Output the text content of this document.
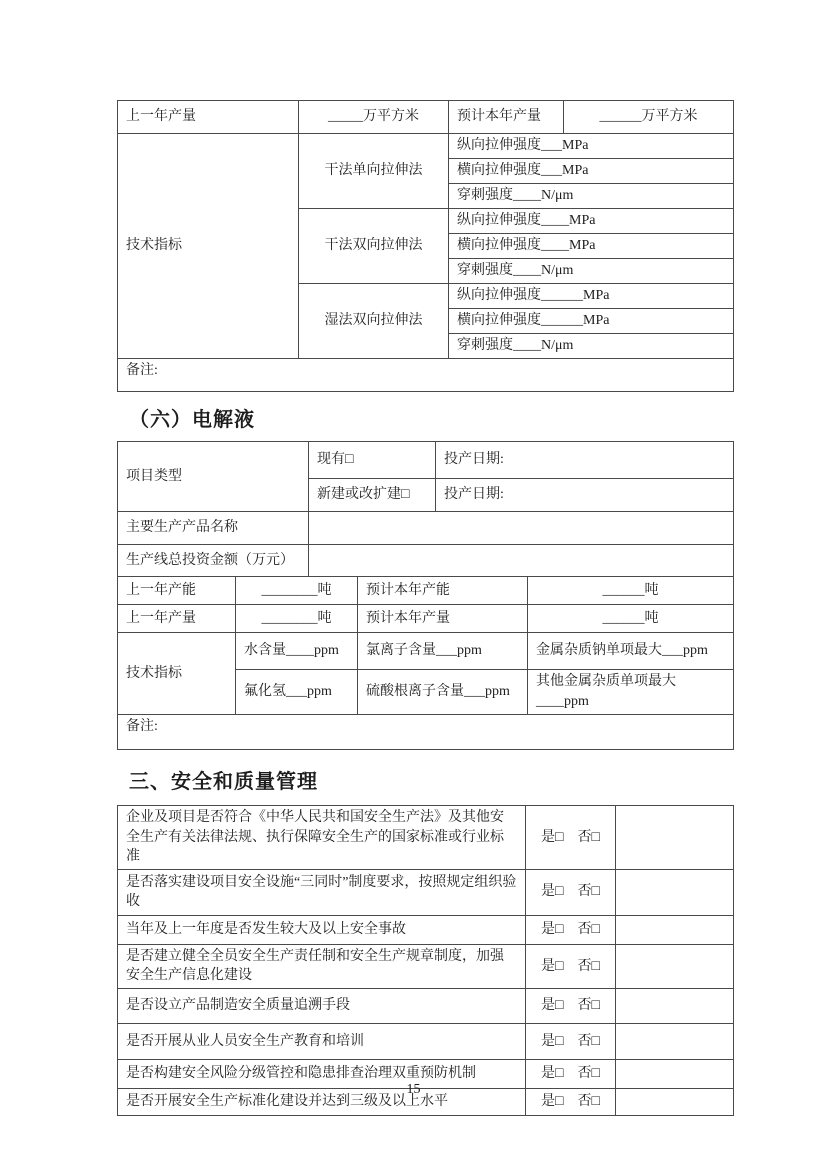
上一年产量	_____万平方米	预计本年产量	______万平方米
技术指标	干法单向拉伸法	纵向拉伸强度___MPa	
		横向拉伸强度___MPa	
		穿刺强度____N/μm	
	干法双向拉伸法	纵向拉伸强度____MPa	
		横向拉伸强度____MPa	
		穿刺强度____N/μm	
	湿法双向拉伸法	纵向拉伸强度______MPa	
		横向拉伸强度______MPa	
		穿刺强度____N/μm	
备注:			
（六）电解液
项目类型	现有□	投产日期:
	新建或改扩建□	投产日期:
主要生产产品名称		
生产线总投资金额（万元）		
上一年产能	________吨	预计本年产能	______吨
上一年产量	________吨	预计本年产量	______吨
技术指标	水含量____ppm	氯离子含量___ppm	金属杂质钠单项最大___ppm
	氟化氢___ppm	硫酸根离子含量___ppm	其他金属杂质单项最大____ppm
备注:			
三、安全和质量管理
企业及项目是否符合《中华人民共和国安全生产法》及其他安全生产有关法律法规、执行保障安全生产的国家标准或行业标准	是□　否□	
是否落实建设项目安全设施“三同时”制度要求，按照规定组织验收	是□　否□	
当年及上一年度是否发生较大及以上安全事故	是□　否□	
是否建立健全全员安全生产责任制和安全生产规章制度，加强安全生产信息化建设	是□　否□	
是否设立产品制造安全质量追溯手段	是□　否□	
是否开展从业人员安全生产教育和培训	是□　否□	
是否构建安全风险分级管控和隐患排查治理双重预防机制	是□　否□	
是否开展安全生产标准化建设并达到三级及以上水平	是□　否□	
15
